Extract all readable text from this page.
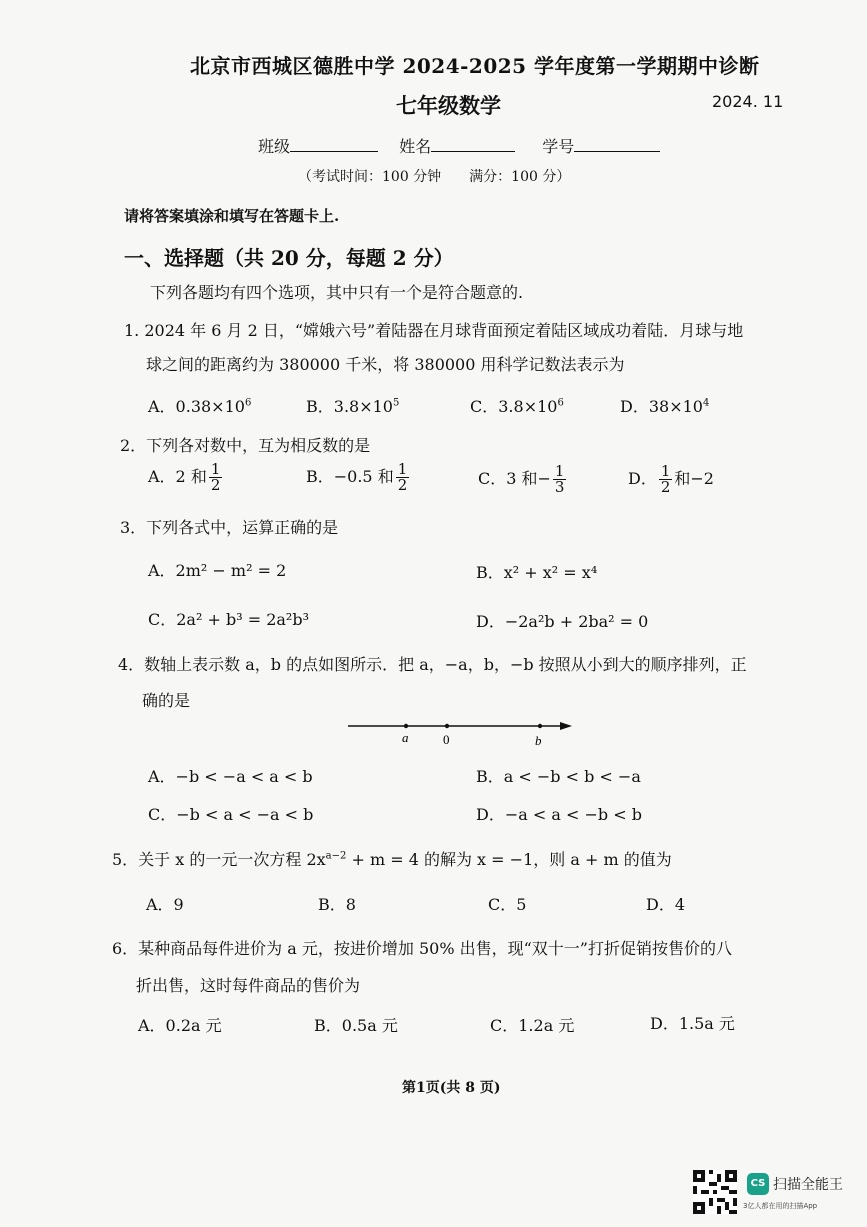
北京市西城区德胜中学 2024-2025 学年度第一学期期中诊断
七年级数学	2024. 11
班级	姓名	学号
（考试时间：100 分钟　　满分：100 分）
请将答案填涂和填写在答题卡上.
一、选择题（共 20 分，每题 2 分）
下列各题均有四个选项，其中只有一个是符合题意的.
1. 2024 年 6 月 2 日，“嫦娥六号”着陆器在月球背面预定着陆区域成功着陆．月球与地
球之间的距离约为 380000 千米，将 380000 用科学记数法表示为
A．$0.38\times 10^6$	B．$3.8\times 10^5$	C．$3.8\times 10^6$	D．$38\times 10^4$
2．下列各对数中，互为相反数的是
A．2 和 $\frac{1}{2}$	B．−0.5 和 $\frac{1}{2}$	C．3 和− $\frac{1}{3}$	D． $\frac{1}{2}$ 和−2
3．下列各式中，运算正确的是
A．2m² − m² = 2	B．x² + x² = x⁴
C．2a² + b³ = 2a²b³	D．−2a²b + 2ba² = 0
4．数轴上表示数 a，b 的点如图所示．把 a，−a，b，−b 按照从小到大的顺序排列，正
确的是
a	0	b
A．−b < −a < a < b	B．a < −b < b < −a
C．−b < a < −a < b	D．−a < a < −b < b
5．关于 x 的一元一次方程 $2x^{a-2} + m = 4$ 的解为 x = −1，则 a + m 的值为
A．9	B．8	C．5	D．4
6．某种商品每件进价为 a 元，按进价增加 50% 出售，现“双十一”打折促销按售价的八
折出售，这时每件商品的售价为
A．0.2a 元	B．0.5a 元	C．1.2a 元	D．1.5a 元
第1页(共 8 页)
CS 扫描全能王
3亿人都在用的扫描App
